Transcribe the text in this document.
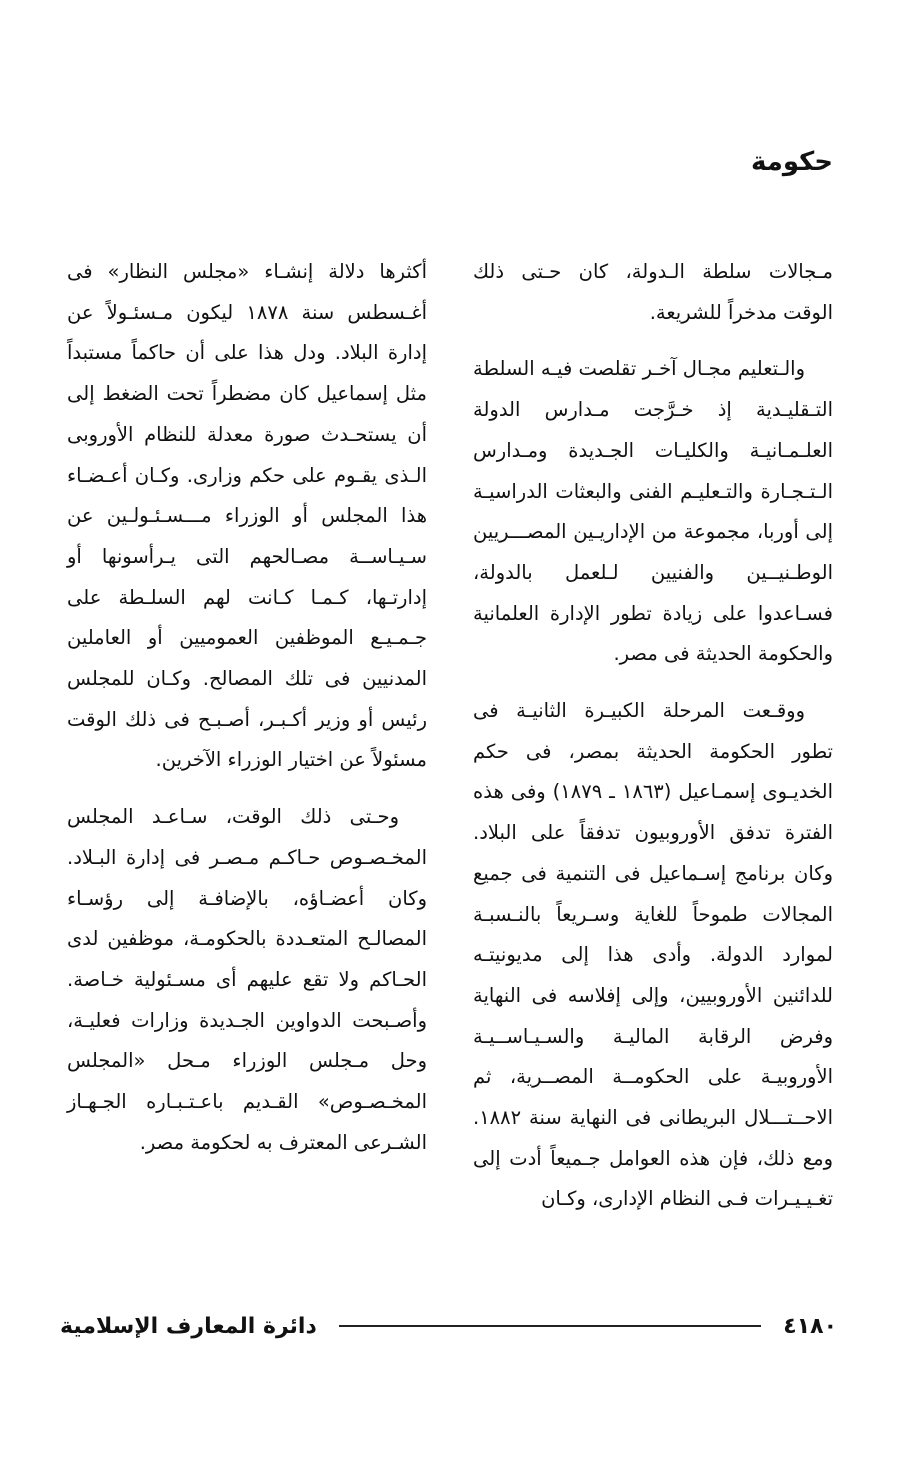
حكومة

مـجالات سلطة الـدولة، كان حـتى ذلك الوقت مدخراً للشريعة.

والـتعليم مجـال آخـر تقلصت فيـه السلطة التـقليـدية إذ خـرَّجت مـدارس الدولة العلـمـانيـة والكليـات الجـديدة ومـدارس الـتـجـارة والتـعليـم الفنى والبعثات الدراسيـة إلى أوربا، مجموعة من الإداريـين المصـــريين الوطـنيــين والفنيين لـلعمل بالدولة، فسـاعدوا على زيادة تطور الإدارة العلمانية والحكومة الحديثة فى مصر.

ووقـعت المرحلة الكبيـرة الثانيـة فى تطور الحكومة الحديثة بمصر، فى حكم الخديـوى إسمـاعيل (١٨٦٣ ـ ١٨٧٩) وفى هذه الفترة تدفق الأوروبيون تدفقاً على البلاد. وكان برنامج إسـماعيل فى التنمية فى جميع المجالات طموحاً للغاية وسـريعاً بالنـسبـة لموارد الدولة. وأدى هذا إلى مديونيتـه للدائنين الأوروبيين، وإلى إفلاسه فى النهاية وفرض الرقابة الماليـة والسـيـاســيـة الأوروبيـة على الحكومــة المصــرية، ثم الاحــتـــلال البريطانى فى النهاية سنة ١٨٨٢. ومع ذلك، فإن هذه العوامل جـميعاً أدت إلى تغـيـيـرات فـى النظام الإدارى، وكـان

أكثرها دلالة إنشـاء «مجلس النظار» فى أغـسطس سنة ١٨٧٨ ليكون مـسئـولاً عن إدارة البلاد. ودل هذا على أن حاكماً مستبداً مثل إسماعيل كان مضطراً تحت الضغط إلى أن يستحـدث صورة معدلة للنظام الأوروبى الـذى يقـوم على حكم وزارى. وكـان أعـضـاء هذا المجلس أو الوزراء مـــسـئـولـين عن سـيـاســة مصـالحهم التى يـرأسونها أو إدارتـها، كـمـا كـانت لهم السلـطة على جـمـيـع الموظفين العموميين أو العاملين المدنيين فى تلك المصالح. وكـان للمجلس رئيس أو وزير أكـبـر، أصـبـح فى ذلك الوقت مسئولاً عن اختيار الوزراء الآخرين.

وحـتى ذلك الوقت، سـاعـد المجلس المخـصـوص حـاكـم مـصـر فى إدارة البـلاد. وكان أعضـاؤه، بالإضافـة إلى رؤسـاء المصالـح المتعـددة بالحكومـة، موظفين لدى الحـاكم ولا تقع عليهم أى مسـئولية خـاصة. وأصـبحت الدواوين الجـديدة وزارات فعليـة، وحل مـجلس الوزراء مـحل «المجلس المخـصـوص» القـديم باعـتـبـاره الجـهـاز الشـرعى المعترف به لحكومة مصر.

٤١٨٠
دائرة المعارف الإسلامية
